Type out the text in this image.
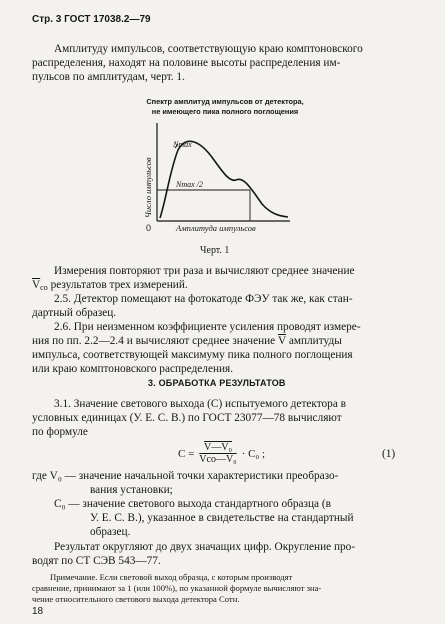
Стр. 3 ГОСТ 17038.2—79
Амплитуду импульсов, соответствующую краю комптоновского
распределения, находят на половине высоты распределения им-
пульсов по амплитудам, черт. 1.
Спектр амплитуд импульсов от детектора,
не имеющего пика полного поглощения
Число импульсов
Амплитуда импульсов
0
Nmax
Nmax /2
Черт. 1
Измерения повторяют три раза и вычисляют среднее значение
$\overline{V}_{со}$ результатов трех измерений.
2.5. Детектор помещают на фотокатоде ФЭУ так же, как стан-
дартный образец.
2.6. При неизменном коэффициенте усиления проводят измере-
ния по пп. 2.2—2.4 и вычисляют среднее значение $\overline{V}$ амплитуды
импульса, соответствующей максимуму пика полного поглощения
или краю комптоновского распределения.
3. ОБРАБОТКА РЕЗУЛЬТАТОВ
3.1. Значение светового выхода (С) испытуемого детектора в
условных единицах (У. Е. С. В.) по ГОСТ 23077—78 вычисляют
по формуле
$C = \frac{\text{V—V₀}}{\text{Vсо—V₀}} \cdot C_0$ ;	(1)
где V₀ — значение начальной точки характеристики преобразо-
вания установки;
C₀ — значение светового выхода стандартного образца (в
У. Е. С. В.), указанное в свидетельстве на стандартный
образец.
Результат округляют до двух значащих цифр. Округление про-
водят по СТ СЭВ 543—77.
Примечание. Если световой выход образца, с которым производят
сравнение, принимают за 1 (или 100%), по указанной формуле вычисляют зна-
чение относительного светового выхода детектора Сотн.
18
